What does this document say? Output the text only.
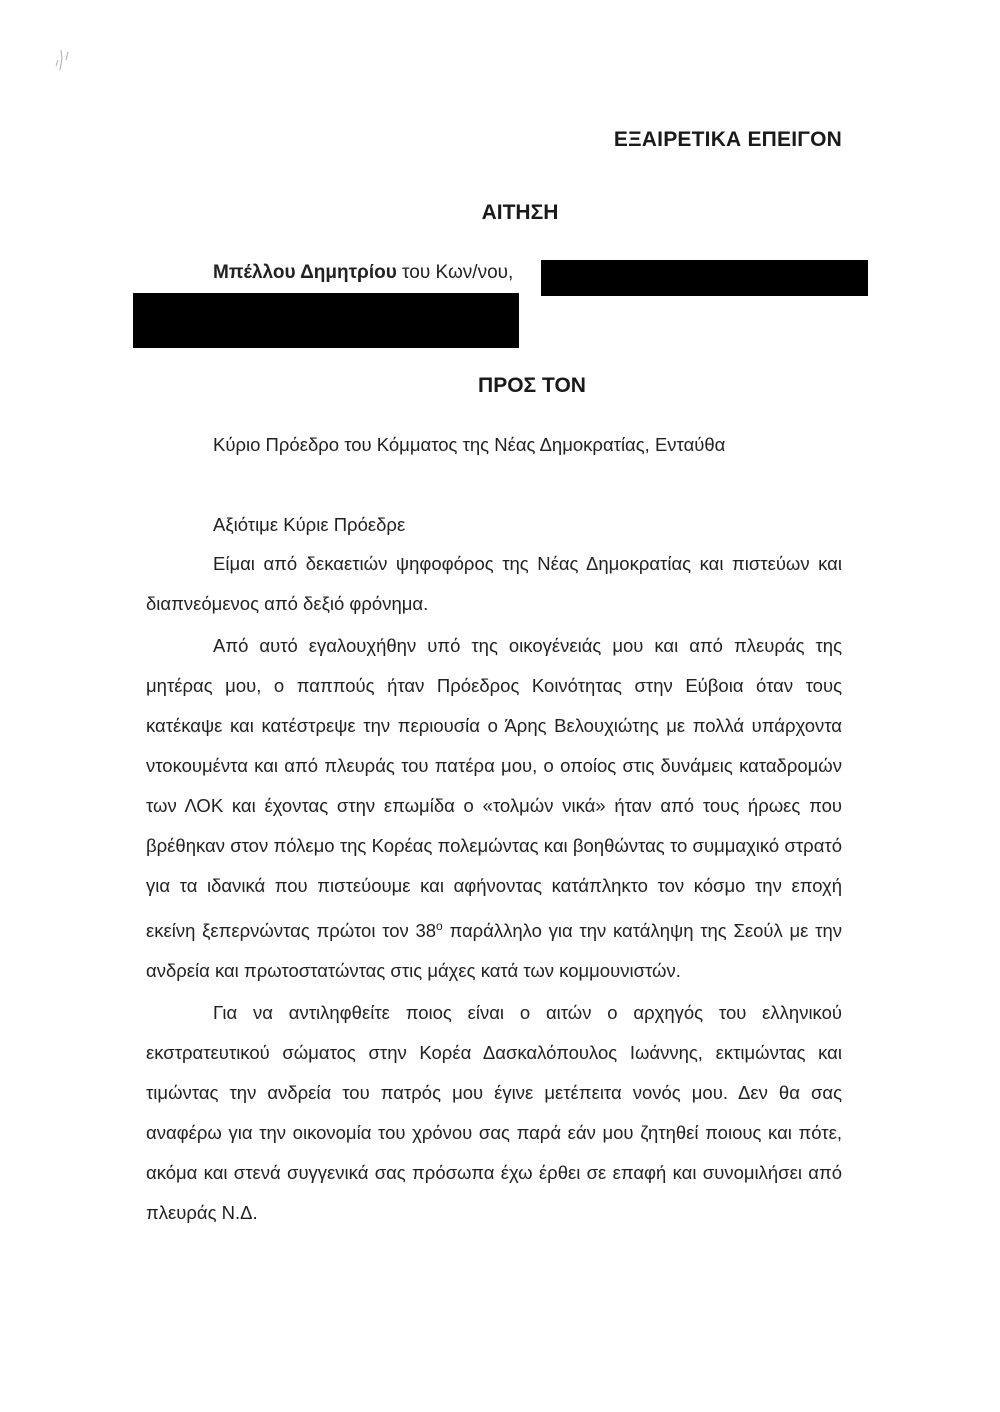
ΕΞΑΙΡΕΤΙΚΑ ΕΠΕΙΓΟΝ
ΑΙΤΗΣΗ
Μπέλλου Δημητρίου του Κων/νου,
ΠΡΟΣ ΤΟΝ
Κύριο Πρόεδρο του Κόμματος της Νέας Δημοκρατίας, Ενταύθα
Αξιότιμε Κύριε Πρόεδρε

Είμαι από δεκαετιών ψηφοφόρος της Νέας Δημοκρατίας και πιστεύων και διαπνεόμενος από δεξιό φρόνημα.

Από αυτό εγαλουχήθην υπό της οικογένειάς μου και από πλευράς της μητέρας μου, ο παππούς ήταν Πρόεδρος Κοινότητας στην Εύβοια όταν τους κατέκαψε και κατέστρεψε την περιουσία ο Άρης Βελουχιώτης με πολλά υπάρχοντα ντοκουμέντα και από πλευράς του πατέρα μου, ο οποίος στις δυνάμεις καταδρομών των ΛΟΚ και έχοντας στην επωμίδα ο «τολμών νικά» ήταν από τους ήρωες που βρέθηκαν στον πόλεμο της Κορέας πολεμώντας και βοηθώντας το συμμαχικό στρατό για τα ιδανικά που πιστεύουμε και αφήνοντας κατάπληκτο τον κόσμο την εποχή εκείνη ξεπερνώντας πρώτοι τον $38^o$ παράλληλο για την κατάληψη της Σεούλ με την ανδρεία και πρωτοστατώντας στις μάχες κατά των κομμουνιστών.

Για να αντιληφθείτε ποιος είναι ο αιτών ο αρχηγός του ελληνικού εκστρατευτικού σώματος στην Κορέα Δασκαλόπουλος Ιωάννης, εκτιμώντας και τιμώντας την ανδρεία του πατρός μου έγινε μετέπειτα νονός μου. Δεν θα σας αναφέρω για την οικονομία του χρόνου σας παρά εάν μου ζητηθεί ποιους και πότε, ακόμα και στενά συγγενικά σας πρόσωπα έχω έρθει σε επαφή και συνομιλήσει από πλευράς Ν.Δ.
